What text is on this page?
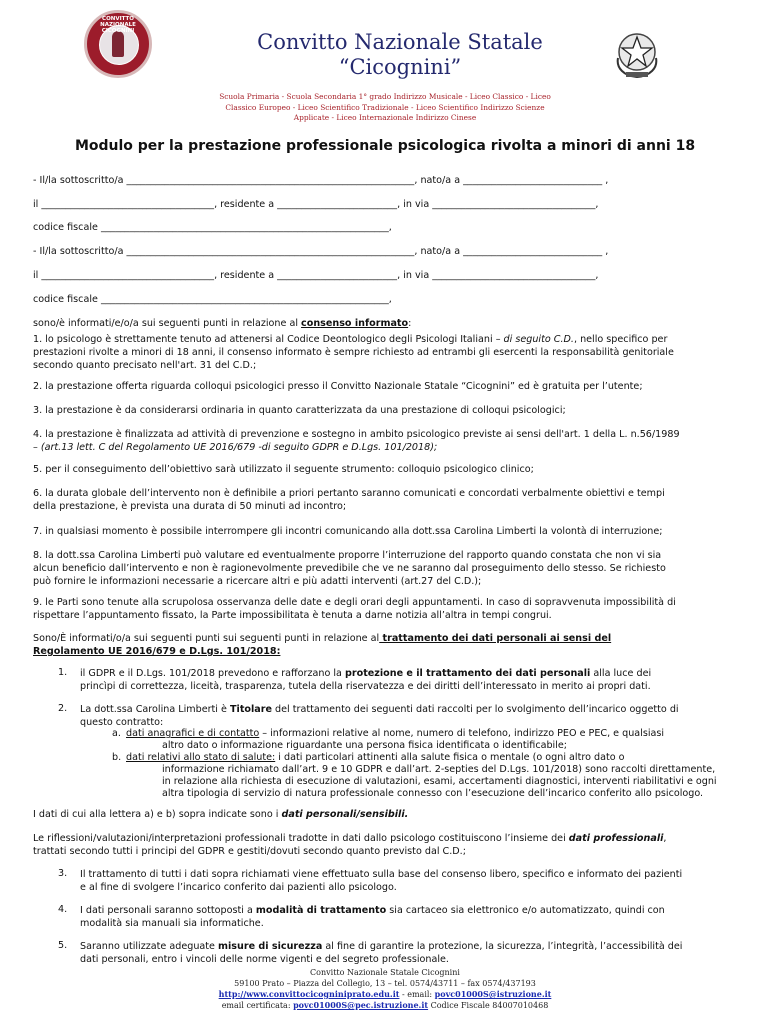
CONVITTO NAZIONALE CICOGNINI	Convitto Nazionale Statale
“Cicognini”
Scuola Primaria - Scuola Secondaria 1° grado Indirizzo Musicale - Liceo Classico - Liceo
Classico Europeo - Liceo Scientifico Tradizionale - Liceo Scientifico Indirizzo Scienze
Applicate - Liceo Internazionale Indirizzo Cinese
Modulo per la prestazione professionale psicologica rivolta a minori di anni 18
- Il/la sottoscritto/a ____________________________________________________________, nato/a a _____________________________ ,
il ____________________________________, residente a _________________________, in via __________________________________,
codice fiscale ____________________________________________________________,
- Il/la sottoscritto/a ____________________________________________________________, nato/a a _____________________________ ,
il ____________________________________, residente a _________________________, in via __________________________________,
codice fiscale ____________________________________________________________,
sono/è informati/e/o/a sui seguenti punti in relazione al consenso informato:
1. lo psicologo è strettamente tenuto ad attenersi al Codice Deontologico degli Psicologi Italiani – di seguito C.D., nello specifico per
prestazioni rivolte a minori di 18 anni, il consenso informato è sempre richiesto ad entrambi gli esercenti la responsabilità genitoriale
secondo quanto precisato nell'art. 31 del C.D.;
2. la prestazione offerta riguarda colloqui psicologici presso il Convitto Nazionale Statale “Cicognini” ed è gratuita per l’utente;
3. la prestazione è da considerarsi ordinaria in quanto caratterizzata da una prestazione di colloqui psicologici;
4. la prestazione è finalizzata ad attività di prevenzione e sostegno in ambito psicologico previste ai sensi dell'art. 1 della L. n.56/1989
– (art.13 lett. C del Regolamento UE 2016/679 -di seguito GDPR e D.Lgs. 101/2018);
5. per il conseguimento dell’obiettivo sarà utilizzato il seguente strumento: colloquio psicologico clinico;
6. la durata globale dell’intervento non è definibile a priori pertanto saranno comunicati e concordati verbalmente obiettivi e tempi
della prestazione, è prevista una durata di 50 minuti ad incontro;
7. in qualsiasi momento è possibile interrompere gli incontri comunicando alla dott.ssa Carolina Limberti la volontà di interruzione;
8. la dott.ssa Carolina Limberti può valutare ed eventualmente proporre l’interruzione del rapporto quando constata che non vi sia
alcun beneficio dall’intervento e non è ragionevolmente prevedibile che ve ne saranno dal proseguimento dello stesso. Se richiesto
può fornire le informazioni necessarie a ricercare altri e più adatti interventi (art.27 del C.D.);
9. le Parti sono tenute alla scrupolosa osservanza delle date e degli orari degli appuntamenti. In caso di sopravvenuta impossibilità di
rispettare l’appuntamento fissato, la Parte impossibilitata è tenuta a darne notizia all’altra in tempi congrui.
Sono/È informati/o/a sui seguenti punti sui seguenti punti in relazione al trattamento dei dati personali ai sensi del
Regolamento UE 2016/679 e D.Lgs. 101/2018:
1. il GDPR e il D.Lgs. 101/2018 prevedono e rafforzano la protezione e il trattamento dei dati personali alla luce dei
princìpi di correttezza, liceità, trasparenza, tutela della riservatezza e dei diritti dell’interessato in merito ai propri dati.
2. La dott.ssa Carolina Limberti è Titolare del trattamento dei seguenti dati raccolti per lo svolgimento dell’incarico oggetto di
questo contratto:
a. dati anagrafici e di contatto – informazioni relative al nome, numero di telefono, indirizzo PEO e PEC, e qualsiasi
altro dato o informazione riguardante una persona fisica identificata o identificabile;
b. dati relativi allo stato di salute: i dati particolari attinenti alla salute fisica o mentale (o ogni altro dato o
informazione richiamato dall’art. 9 e 10 GDPR e dall’art. 2-septies del D.Lgs. 101/2018) sono raccolti direttamente,
in relazione alla richiesta di esecuzione di valutazioni, esami, accertamenti diagnostici, interventi riabilitativi e ogni
altra tipologia di servizio di natura professionale connesso con l’esecuzione dell’incarico conferito allo psicologo.
I dati di cui alla lettera a) e b) sopra indicate sono i dati personali/sensibili.
Le riflessioni/valutazioni/interpretazioni professionali tradotte in dati dallo psicologo costituiscono l’insieme dei dati professionali,
trattati secondo tutti i principi del GDPR e gestiti/dovuti secondo quanto previsto dal C.D.;
3. Il trattamento di tutti i dati sopra richiamati viene effettuato sulla base del consenso libero, specifico e informato dei pazienti
e al fine di svolgere l’incarico conferito dai pazienti allo psicologo.
4. I dati personali saranno sottoposti a modalità di trattamento sia cartaceo sia elettronico e/o automatizzato, quindi con
modalità sia manuali sia informatiche.
5. Saranno utilizzate adeguate misure di sicurezza al fine di garantire la protezione, la sicurezza, l’integrità, l’accessibilità dei
dati personali, entro i vincoli delle norme vigenti e del segreto professionale.
Convitto Nazionale Statale Cicognini
59100 Prato – Piazza del Collegio, 13 – tel. 0574/43711 – fax 0574/437193
http://www.convittocicogniniprato.edu.it - email: povc01000S@istruzione.it
email certificata: povc01000S@pec.istruzione.it Codice Fiscale 84007010468
